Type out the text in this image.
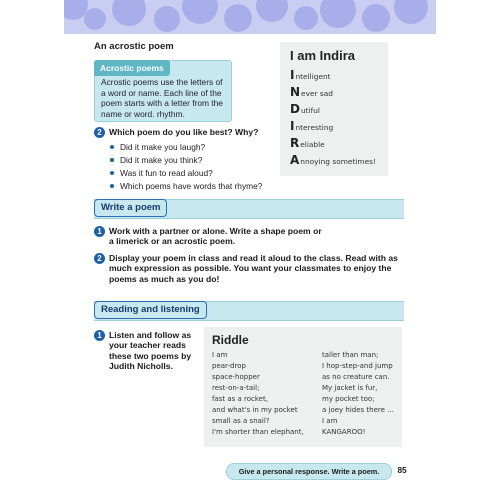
An acrostic poem
Acrostic poems
Acrostic poems use the letters of a word or name. Each line of the poem starts with a letter from the name or word. rhythm.
I am Indira
Intelligent
Never sad
Dutiful
Interesting
Reliable
Annoying sometimes!
2 Which poem do you like best? Why?
Did it make you laugh?
Did it make you think?
Was it fun to read aloud?
Which poems have words that rhyme?
Write a poem
1 Work with a partner or alone. Write a shape poem or
a limerick or an acrostic poem.
2 Display your poem in class and read it aloud to the class. Read with as
much expression as possible. You want your classmates to enjoy the
poems as much as you do!
Reading and listening
1 Listen and follow as
your teacher reads
these two poems by
Judith Nicholls.
Riddle
I am
pear-drop
space-hopper
rest-on-a-tail;
fast as a rocket,
and what's in my pocket
small as a snail?
I'm shorter than elephant,
taller than man;
I hop-step-and jump
as no creature can.
My jacket is fur,
my pocket too;
a joey hides there ...
I am
KANGAROO!
Give a personal response. Write a poem.	85
